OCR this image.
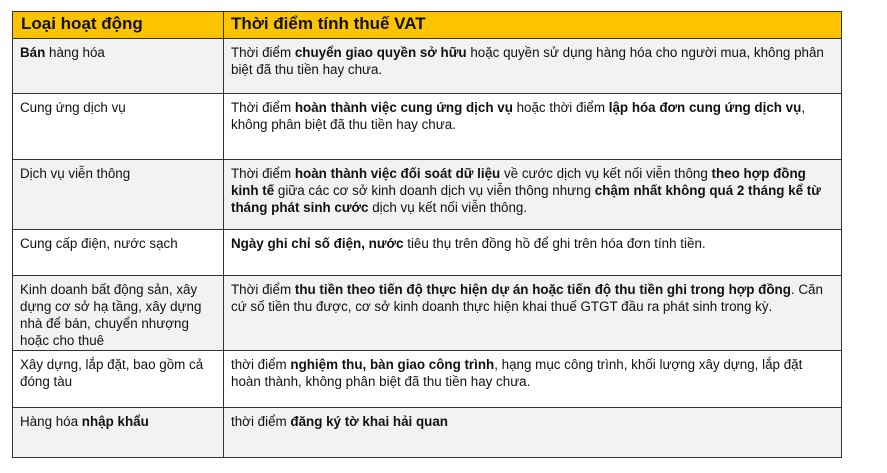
Loại hoạt động	Thời điểm tính thuế VAT
Bán hàng hóa	Thời điểm chuyển giao quyền sở hữu hoặc quyền sử dụng hàng hóa cho người mua, không phân biệt đã thu tiền hay chưa.
Cung ứng dịch vụ	Thời điểm hoàn thành việc cung ứng dịch vụ hoặc thời điểm lập hóa đơn cung ứng dịch vụ, không phân biệt đã thu tiền hay chưa.
Dịch vụ viễn thông	Thời điểm hoàn thành việc đối soát dữ liệu về cước dịch vụ kết nối viễn thông theo hợp đồng kinh tế giữa các cơ sở kinh doanh dịch vụ viễn thông nhưng chậm nhất không quá 2 tháng kể từ tháng phát sinh cước dịch vụ kết nối viễn thông.
Cung cấp điện, nước sạch	Ngày ghi chỉ số điện, nước tiêu thụ trên đồng hồ để ghi trên hóa đơn tính tiền.
Kinh doanh bất động sản, xây dựng cơ sở hạ tầng, xây dựng nhà để bán, chuyển nhượng hoặc cho thuê	Thời điểm thu tiền theo tiến độ thực hiện dự án hoặc tiến độ thu tiền ghi trong hợp đồng. Căn cứ số tiền thu được, cơ sở kinh doanh thực hiện khai thuế GTGT đầu ra phát sinh trong kỳ.
Xây dựng, lắp đặt, bao gồm cả đóng tàu	thời điểm nghiệm thu, bàn giao công trình, hạng mục công trình, khối lượng xây dựng, lắp đặt hoàn thành, không phân biệt đã thu tiền hay chưa.
Hàng hóa nhập khẩu	thời điểm đăng ký tờ khai hải quan
